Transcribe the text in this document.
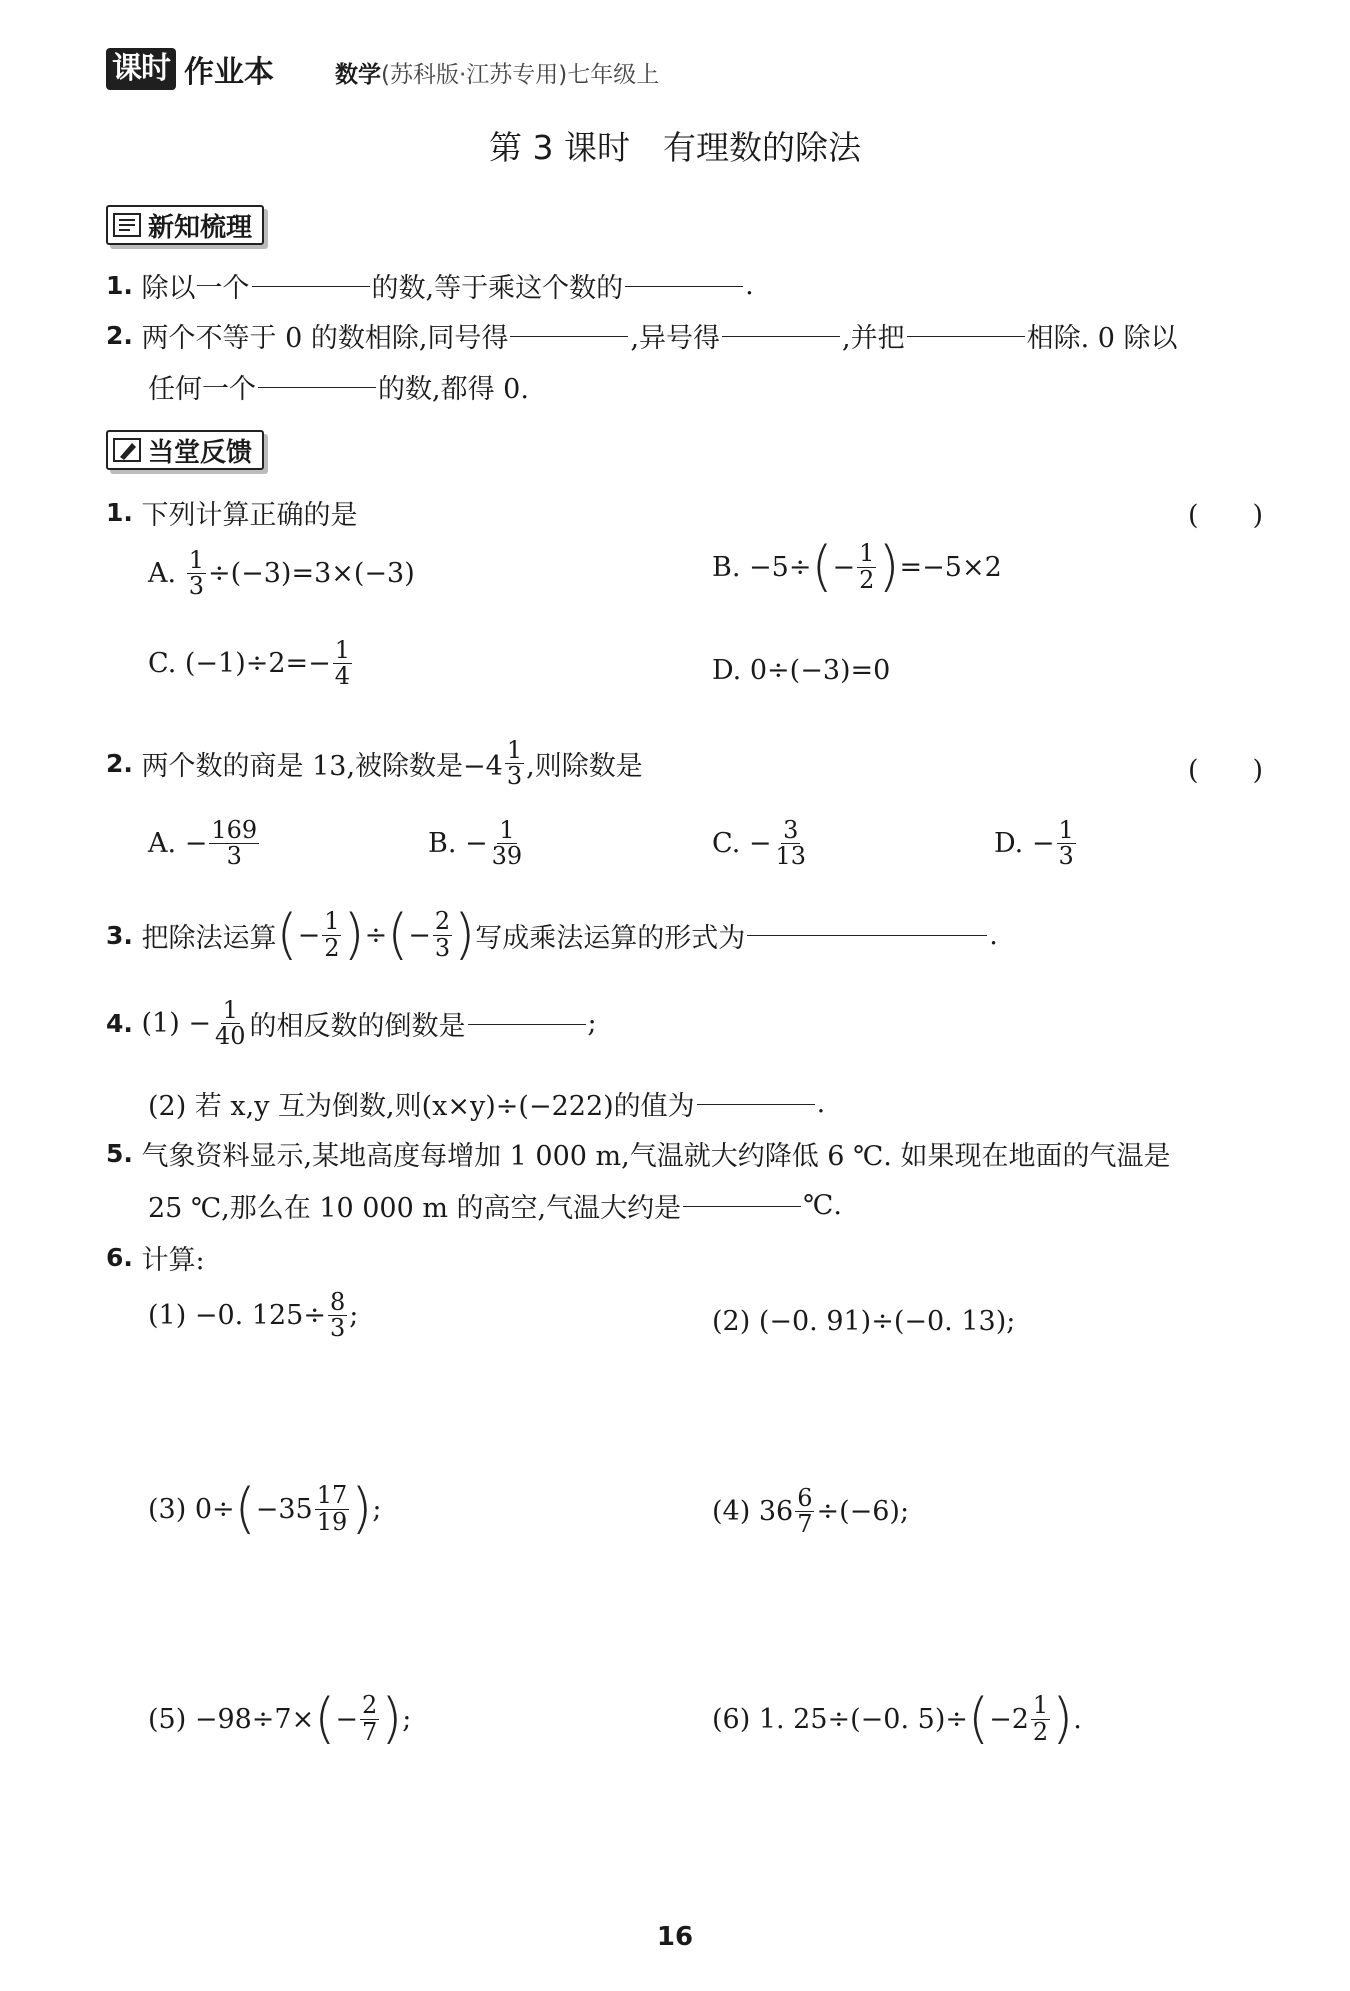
课时 作业本	数学(苏科版·江苏专用)七年级上
第 3 课时　有理数的除法
新知梳理
1.
除以一个	的数,等于乘这个数的	.
2.
两个不等于 0 的数相除,同号得	,异号得	,并把	相除. 0 除以
任何一个	的数,都得 0.
当堂反馈
1.
下列计算正确的是	(　　)
A.
$\frac{1}{3} \div(-3)=3\times(-3)$	B.
−5÷ ( − $\frac{1}{2}$ ) =−5×2
C.
$(-1)\div 2=- \frac{1}{4}$	D.
0÷(−3)=0
2.
两个数的商是 13,被除数是$-4 \frac{1}{3}$ ,则除数是	(　　)
A.
− $\frac{169}{3}$	B.
− $\frac{1}{39}$	C.
− $\frac{3}{13}$	D.
− $\frac{1}{3}$
3.
把除法运算 ( − $\frac{1}{2}$ ) ÷ ( − $\frac{2}{3}$ ) 写成乘法运算的形式为	.
4.
$(1) - \frac{1}{40}$ 的相反数的倒数是	;
(2) 若 x,y 互为倒数,则(x×y)÷(−222)的值为	.
5.
气象资料显示,某地高度每增加 1 000 m,气温就大约降低 6 ℃. 如果现在地面的气温是
25 ℃,那么在 10 000 m 的高空,气温大约是	℃.
6.
计算:
(1) −0. $125\div \frac{8}{3}$ ;	(2) (−0. 91)÷(−0. 13);
(3) 0÷ ( $-35 \frac{17}{19}$ ) ;	(4) $36 \frac{6}{7} \div(-6)$;
(5) −98÷7× ( − $\frac{2}{7}$ ) ;	(6) 1. 25÷(−0. 5)÷ ( $-2 \frac{1}{2}$ ) .
16
